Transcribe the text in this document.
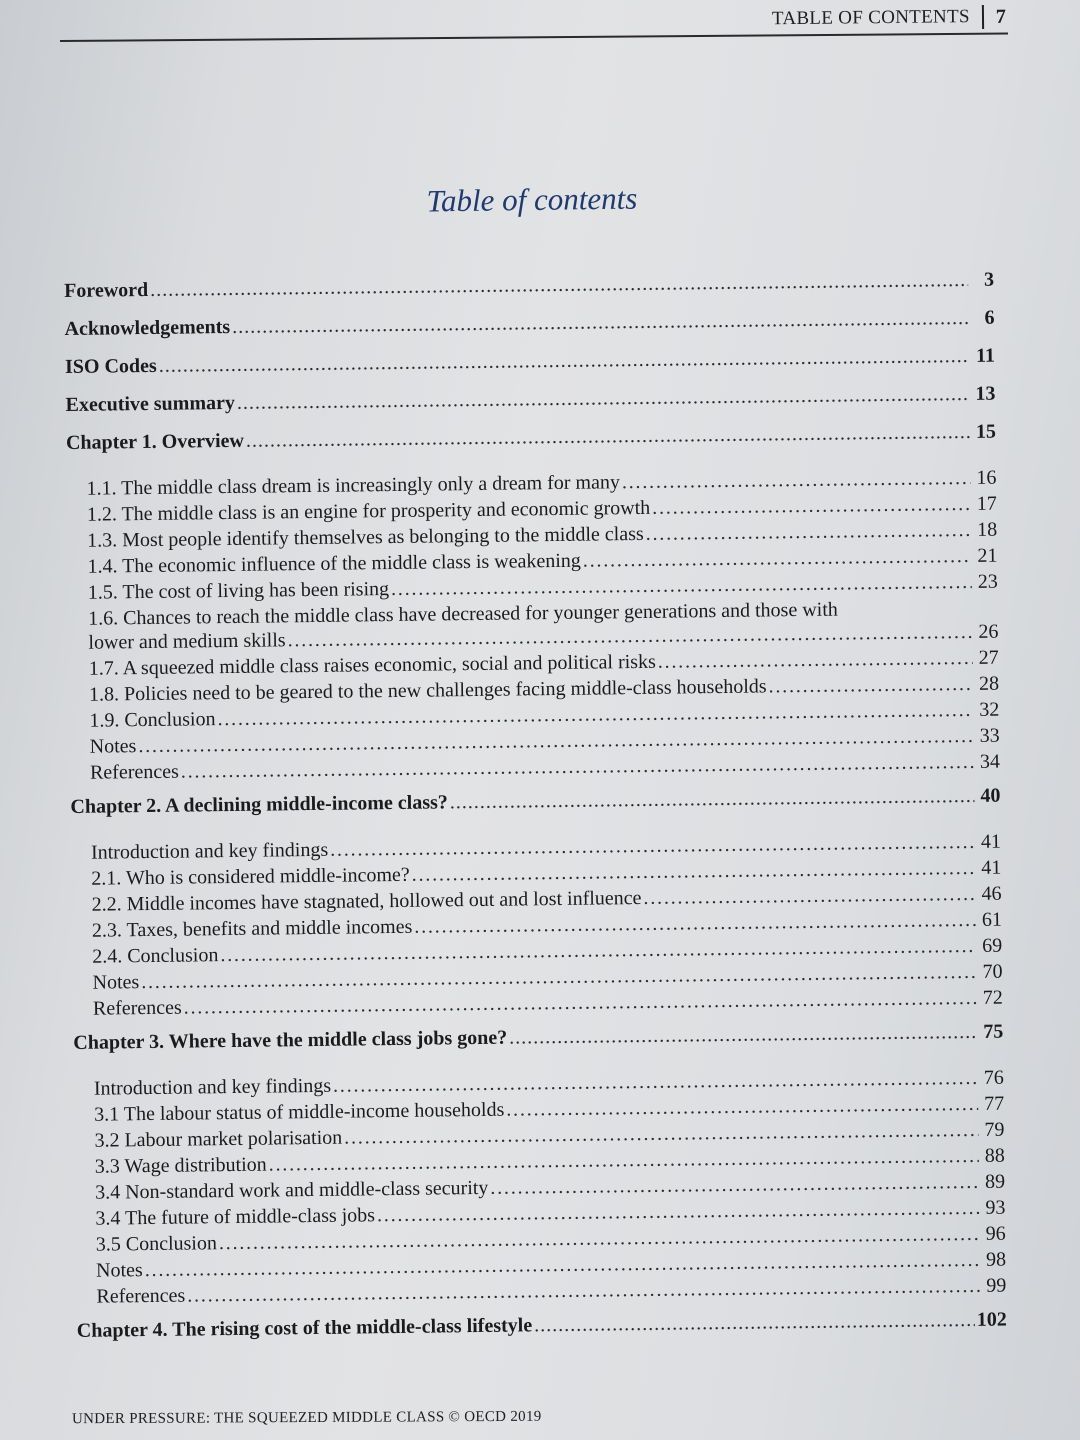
TABLE OF CONTENTS 7
Table of contents
Foreword . . .	3
Acknowledgements . . .	6
ISO Codes . . .	11
Executive summary . . .	13
Chapter 1. Overview . . .	15
1.1. The middle class dream is increasingly only a dream for many . . .	16
1.2. The middle class is an engine for prosperity and economic growth . . .	17
1.3. Most people identify themselves as belonging to the middle class . . .	18
1.4. The economic influence of the middle class is weakening . . .	21
1.5. The cost of living has been rising . . .	23
1.6. Chances to reach the middle class have decreased for younger generations and those with
lower and medium skills . . .	26
1.7. A squeezed middle class raises economic, social and political risks . . .	27
1.8. Policies need to be geared to the new challenges facing middle-class households . . .	28
1.9. Conclusion . . .	32
Notes . . .	33
References . . .	34
Chapter 2. A declining middle-income class? . . .	40
Introduction and key findings . . .	41
2.1. Who is considered middle-income? . . .	41
2.2. Middle incomes have stagnated, hollowed out and lost influence . . .	46
2.3. Taxes, benefits and middle incomes . . .	61
2.4. Conclusion . . .	69
Notes . . .	70
References . . .	72
Chapter 3. Where have the middle class jobs gone? . . .	75
Introduction and key findings . . .	76
3.1 The labour status of middle-income households . . .	77
3.2 Labour market polarisation . . .	79
3.3 Wage distribution . . .	88
3.4 Non-standard work and middle-class security . . .	89
3.4 The future of middle-class jobs . . .	93
3.5 Conclusion . . .	96
Notes . . .	98
References . . .	99
Chapter 4. The rising cost of the middle-class lifestyle . . .	102
UNDER PRESSURE: THE SQUEEZED MIDDLE CLASS © OECD 2019
